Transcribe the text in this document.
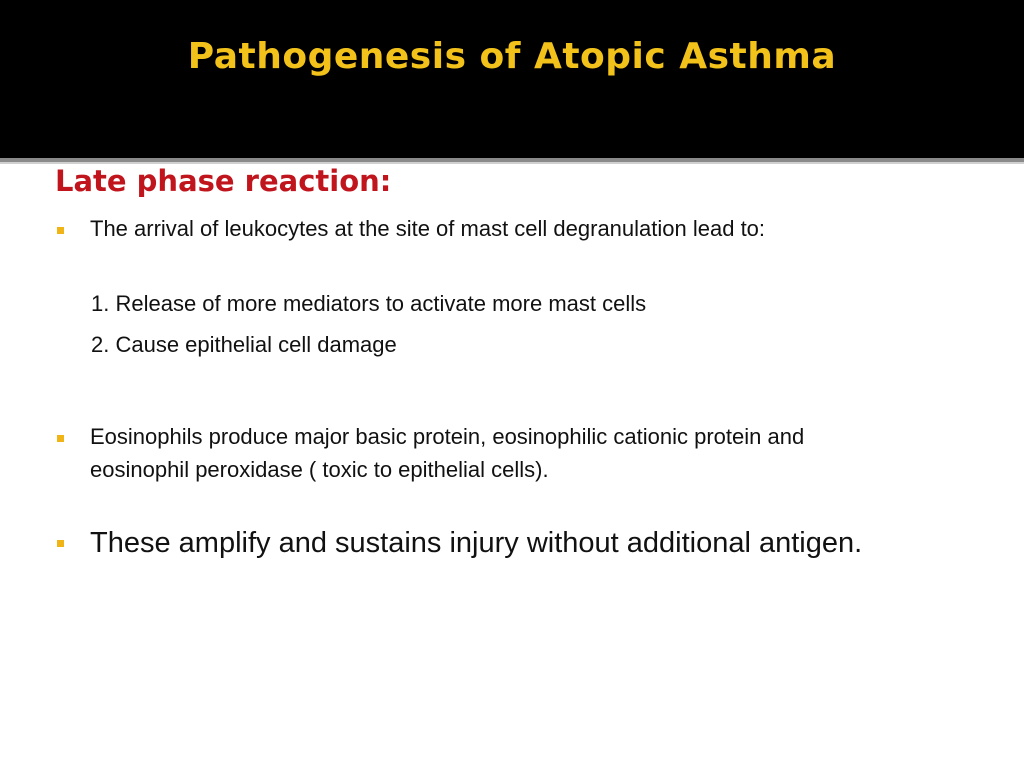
Pathogenesis of Atopic Asthma
Late phase reaction:

The arrival of leukocytes at the site of mast cell degranulation lead to:

1. Release of more mediators to activate more mast cells

2. Cause epithelial cell damage

Eosinophils produce major basic protein, eosinophilic cationic protein and eosinophil peroxidase ( toxic to epithelial cells).

These amplify and sustains injury without additional antigen.
